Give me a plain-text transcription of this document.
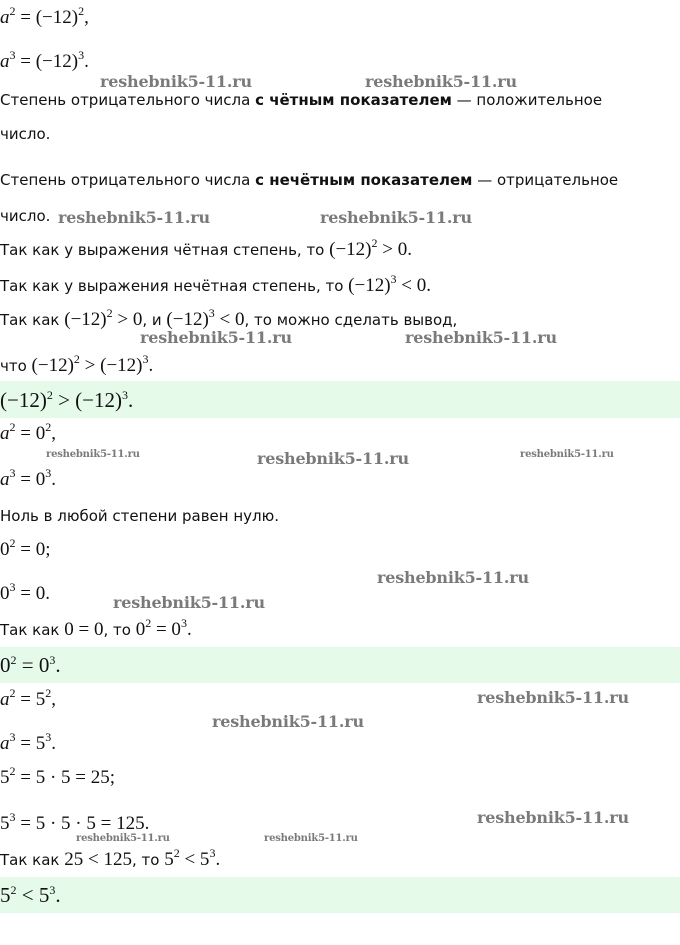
$a^2 = (-12)^2$,
$a^3 = (-12)^3$.
Степень отрицательного числа с чётным показателем — положительное
число.
Степень отрицательного числа с нечётным показателем — отрицательное
число.
Так как у выражения чётная степень, то $(-12)^2 > 0$.
Так как у выражения нечётная степень, то $(-12)^3 < 0$.
Так как $(-12)^2 > 0$, и $(-12)^3 < 0$, то можно сделать вывод,
что $(-12)^2 > (-12)^3$.
$(-12)^2 > (-12)^3$.
$a^2 = 0^2$,
$a^3 = 0^3$.
Ноль в любой степени равен нулю.
$0^2 = 0$;
$0^3 = 0$.
Так как 0 = 0, то $0^2 = 0^3$.
$0^2 = 0^3$.
$a^2 = 5^2$,
$a^3 = 5^3$.
$5^2 = 5 \cdot 5 = 25$;
$5^3 = 5 \cdot 5 \cdot 5 = 125$.
Так как 25 < 125, то $5^2 < 5^3$.
$5^2 < 5^3$.
reshebnik5-11.ru	reshebnik5-11.ru
reshebnik5-11.ru	reshebnik5-11.ru
reshebnik5-11.ru	reshebnik5-11.ru
reshebnik5-11.ru	reshebnik5-11.ru	reshebnik5-11.ru
reshebnik5-11.ru
reshebnik5-11.ru
reshebnik5-11.ru
reshebnik5-11.ru
reshebnik5-11.ru
reshebnik5-11.ru	reshebnik5-11.ru
